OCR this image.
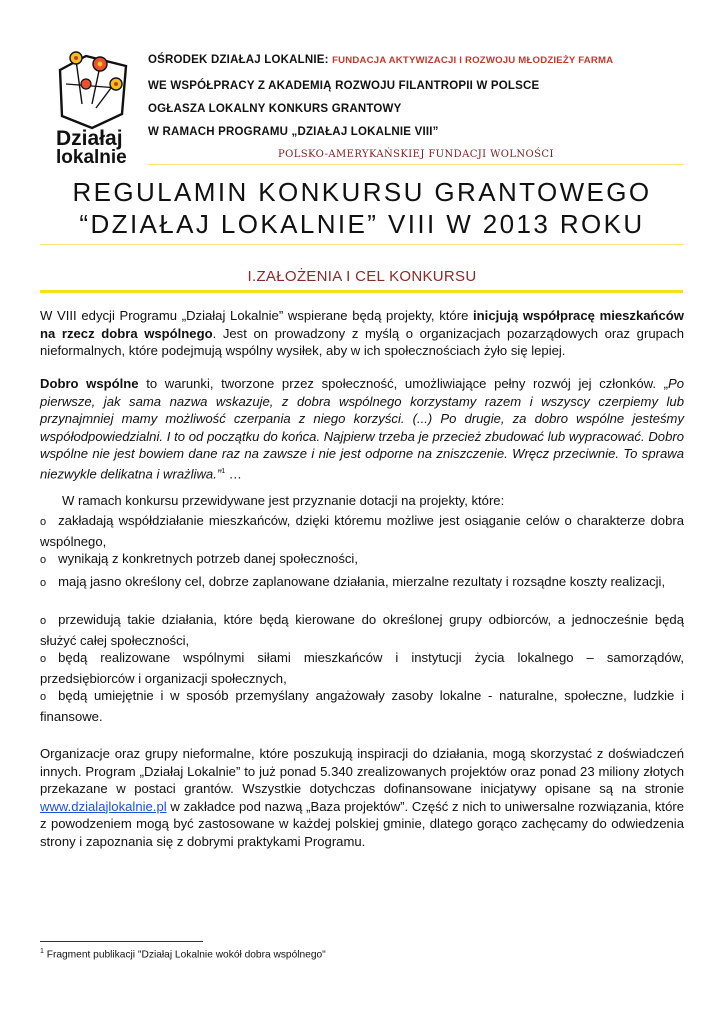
Działaj
lokalnie
OŚRODEK DZIAŁAJ LOKALNIE: FUNDACJA AKTYWIZACJI I ROZWOJU MŁODZIEŻY FARMA
WE WSPÓŁPRACY Z AKADEMIĄ ROZWOJU FILANTROPII W POLSCE
OGŁASZA LOKALNY KONKURS GRANTOWY
W RAMACH PROGRAMU „DZIAŁAJ LOKALNIE VIII”
POLSKO-AMERYKAŃSKIEJ FUNDACJI WOLNOŚCI
REGULAMIN KONKURSU GRANTOWEGO
“DZIAŁAJ LOKALNIE” VIII W 2013 ROKU
I.ZAŁOŻENIA I CEL KONKURSU
W VIII edycji Programu „Działaj Lokalnie” wspierane będą projekty, które inicjują współpracę mieszkańców na rzecz dobra wspólnego. Jest on prowadzony z myślą o organizacjach pozarządowych oraz grupach nieformalnych, które podejmują wspólny wysiłek, aby w ich społecznościach żyło się lepiej.
Dobro wspólne to warunki, tworzone przez społeczność, umożliwiające pełny rozwój jej członków. „Po pierwsze, jak sama nazwa wskazuje, z dobra wspólnego korzystamy razem i wszyscy czerpiemy lub przynajmniej mamy możliwość czerpania z niego korzyści. (...) Po drugie, za dobro wspólne jesteśmy współodpowiedzialni. I to od początku do końca. Najpierw trzeba je przecież zbudować lub wypracować. Dobro wspólne nie jest bowiem dane raz na zawsze i nie jest odporne na zniszczenie. Wręcz przeciwnie. To sprawa niezwykle delikatna i wrażliwa.”$^1$ …
W ramach konkursu przewidywane jest przyznanie dotacji na projekty, które:
o zakładają współdziałanie mieszkańców, dzięki któremu możliwe jest osiąganie celów o charakterze dobra wspólnego,
o wynikają z konkretnych potrzeb danej społeczności,
o mają jasno określony cel, dobrze zaplanowane działania, mierzalne rezultaty i rozsądne koszty realizacji,
o przewidują takie działania, które będą kierowane do określonej grupy odbiorców, a jednocześnie będą służyć całej społeczności,
o będą realizowane wspólnymi siłami mieszkańców i instytucji życia lokalnego – samorządów, przedsiębiorców i organizacji społecznych,
o będą umiejętnie i w sposób przemyślany angażowały zasoby lokalne - naturalne, społeczne, ludzkie i finansowe.
Organizacje oraz grupy nieformalne, które poszukują inspiracji do działania, mogą skorzystać z doświadczeń innych. Program „Działaj Lokalnie” to już ponad 5.340 zrealizowanych projektów oraz ponad 23 miliony złotych przekazane w postaci grantów. Wszystkie dotychczas dofinansowane inicjatywy opisane są na stronie www.dzialajlokalnie.pl w zakładce pod nazwą „Baza projektów”. Część z nich to uniwersalne rozwiązania, które z powodzeniem mogą być zastosowane w każdej polskiej gminie, dlatego gorąco zachęcamy do odwiedzenia strony i zapoznania się z dobrymi praktykami Programu.
$^1$ Fragment publikacji "Działaj Lokalnie wokół dobra wspólnego"
